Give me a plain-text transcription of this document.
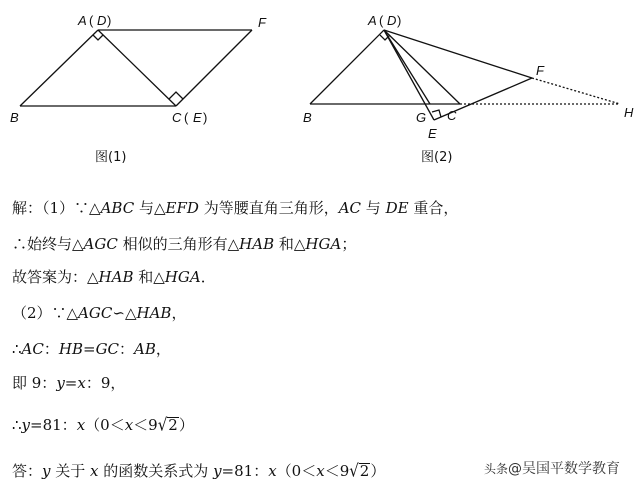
A ( D )	F
B	C ( E )
图(1)
A ( D )
F
H
B	G C
E
图(2)
解：（1）∵△ABC 与△EFD 为等腰直角三角形，AC 与 DE 重合，
∴始终与△AGC 相似的三角形有△HAB 和△HGA；
故答案为：△HAB 和△HGA．
（2）∵△AGC∽△HAB，
∴AC：HB=GC：AB，
即 9：y=x：9，
∴y=81：x（0＜x＜9√2）
答：y 关于 x 的函数关系式为 y=81：x（0＜x＜9√2）	头条@吴国平数学教育
